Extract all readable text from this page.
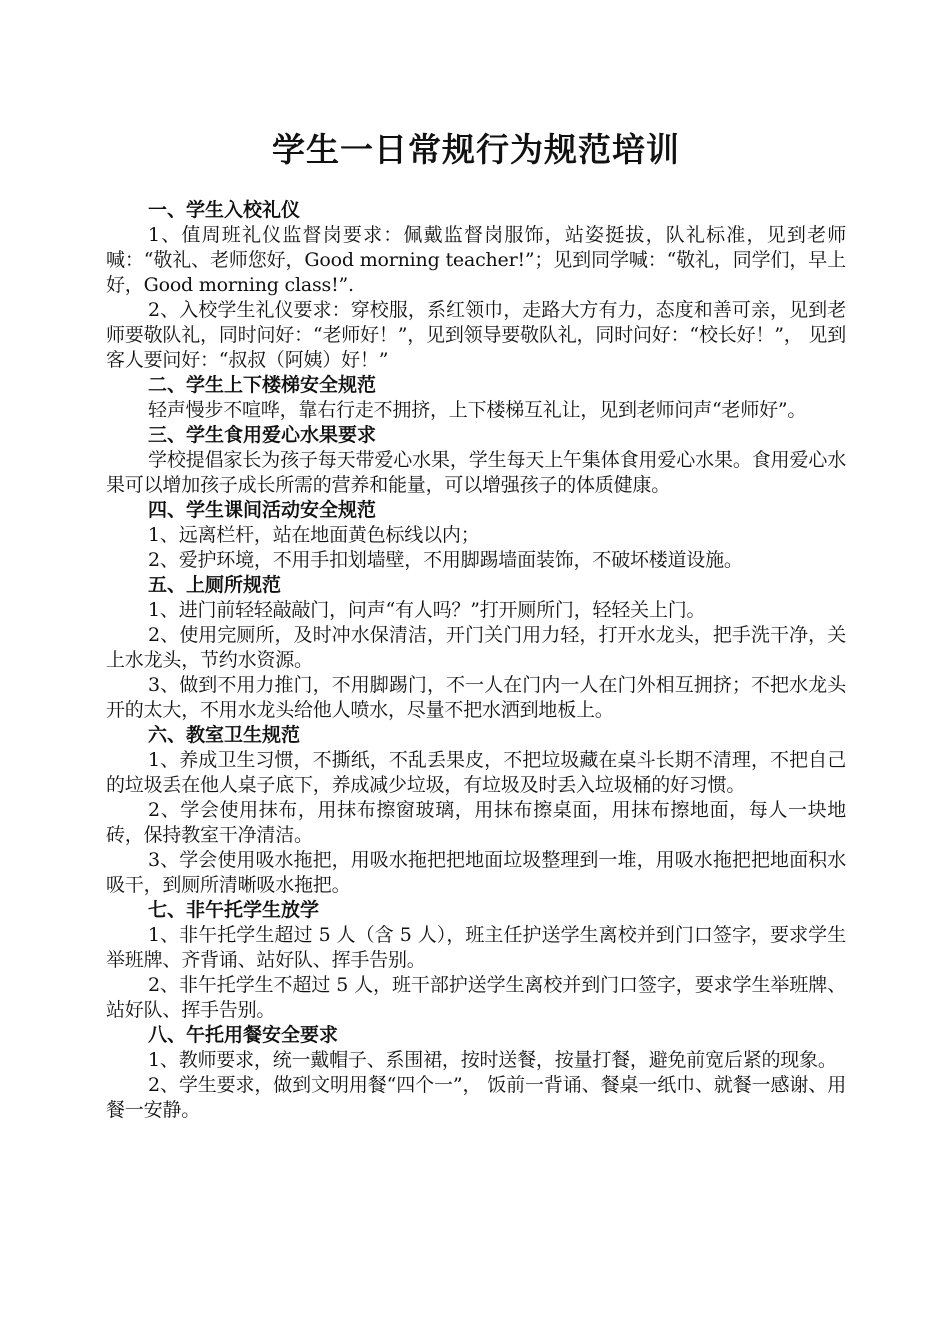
学生一日常规行为规范培训
一、学生入校礼仪

1、值周班礼仪监督岗要求：佩戴监督岗服饰，站姿挺拔，队礼标准，见到老师喊：“敬礼、老师您好，Good morning teacher!”；见到同学喊：“敬礼，同学们，早上好，Good morning class!”.

2、入校学生礼仪要求：穿校服，系红领巾，走路大方有力，态度和善可亲，见到老师要敬队礼，同时问好：“老师好！”，见到领导要敬队礼，同时问好：“校长好！”， 见到客人要问好：“叔叔（阿姨）好！”

二、学生上下楼梯安全规范

轻声慢步不喧哗，靠右行走不拥挤，上下楼梯互礼让，见到老师问声“老师好”。

三、学生食用爱心水果要求

学校提倡家长为孩子每天带爱心水果，学生每天上午集体食用爱心水果。食用爱心水果可以增加孩子成长所需的营养和能量，可以增强孩子的体质健康。

四、学生课间活动安全规范

1、远离栏杆，站在地面黄色标线以内；

2、爱护环境，不用手扣划墙壁，不用脚踢墙面装饰，不破坏楼道设施。

五、上厕所规范

1、进门前轻轻敲敲门，问声“有人吗？”打开厕所门，轻轻关上门。

2、使用完厕所，及时冲水保清洁，开门关门用力轻，打开水龙头，把手洗干净，关上水龙头，节约水资源。

3、做到不用力推门，不用脚踢门，不一人在门内一人在门外相互拥挤；不把水龙头开的太大，不用水龙头给他人喷水，尽量不把水洒到地板上。

六、教室卫生规范

1、养成卫生习惯，不撕纸，不乱丢果皮，不把垃圾藏在桌斗长期不清理，不把自己的垃圾丢在他人桌子底下，养成减少垃圾，有垃圾及时丢入垃圾桶的好习惯。

2、学会使用抹布，用抹布擦窗玻璃，用抹布擦桌面，用抹布擦地面，每人一块地砖，保持教室干净清洁。

3、学会使用吸水拖把，用吸水拖把把地面垃圾整理到一堆，用吸水拖把把地面积水吸干，到厕所清晰吸水拖把。

七、非午托学生放学

1、非午托学生超过 5 人（含 5 人），班主任护送学生离校并到门口签字，要求学生举班牌、齐背诵、站好队、挥手告别。

2、非午托学生不超过 5 人，班干部护送学生离校并到门口签字，要求学生举班牌、站好队、挥手告别。

八、午托用餐安全要求

1、教师要求，统一戴帽子、系围裙，按时送餐，按量打餐，避免前宽后紧的现象。

2、学生要求，做到文明用餐“四个一”， 饭前一背诵、餐桌一纸巾、就餐一感谢、用餐一安静。
